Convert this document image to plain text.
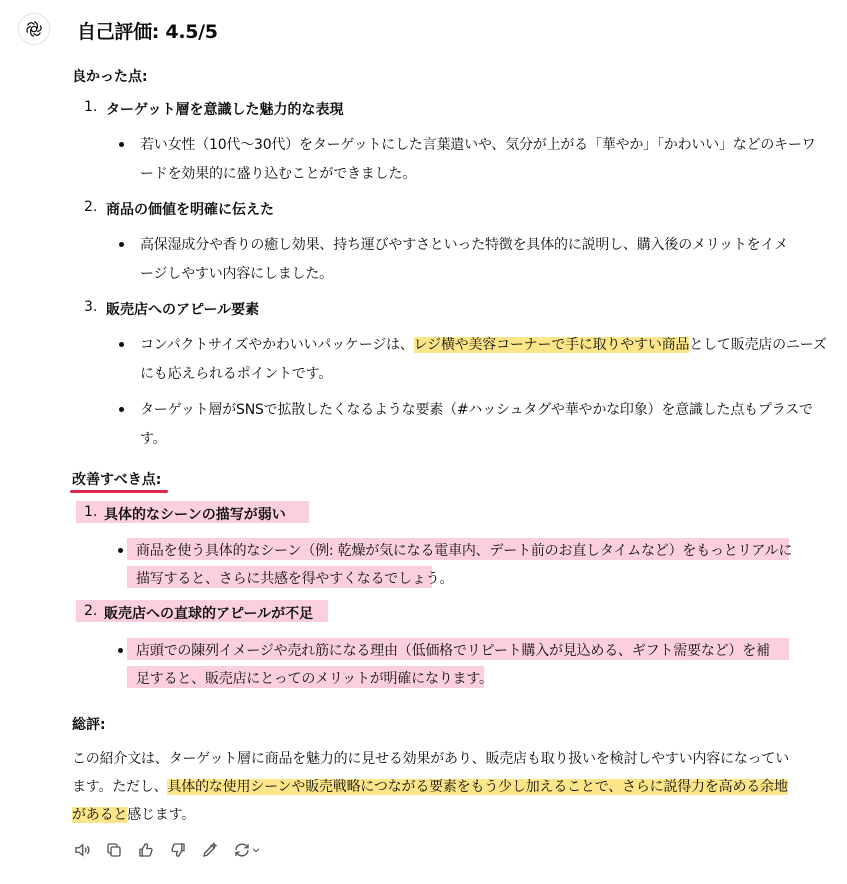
自己評価: 4.5/5
良かった点:
1. ターゲット層を意識した魅力的な表現
若い女性（10代〜30代）をターゲットにした言葉遣いや、気分が上がる「華やか」「かわいい」などのキーワ
ードを効果的に盛り込むことができました。
2. 商品の価値を明確に伝えた
高保湿成分や香りの癒し効果、持ち運びやすさといった特徴を具体的に説明し、購入後のメリットをイメ
ージしやすい内容にしました。
3. 販売店へのアピール要素
コンパクトサイズやかわいいパッケージは、レジ横や美容コーナーで手に取りやすい商品として販売店のニーズ
にも応えられるポイントです。
ターゲット層がSNSで拡散したくなるような要素（#ハッシュタグや華やかな印象）を意識した点もプラスで
す。
改善すべき点:
1. 具体的なシーンの描写が弱い
商品を使う具体的なシーン（例: 乾燥が気になる電車内、デート前のお直しタイムなど）をもっとリアルに
描写すると、さらに共感を得やすくなるでしょう。
2. 販売店への直球的アピールが不足
店頭での陳列イメージや売れ筋になる理由（低価格でリピート購入が見込める、ギフト需要など）を補
足すると、販売店にとってのメリットが明確になります。
総評:
この紹介文は、ターゲット層に商品を魅力的に見せる効果があり、販売店も取り扱いを検討しやすい内容になってい
ます。ただし、具体的な使用シーンや販売戦略につながる要素をもう少し加えることで、さらに説得力を高める余地
があると感じます。
